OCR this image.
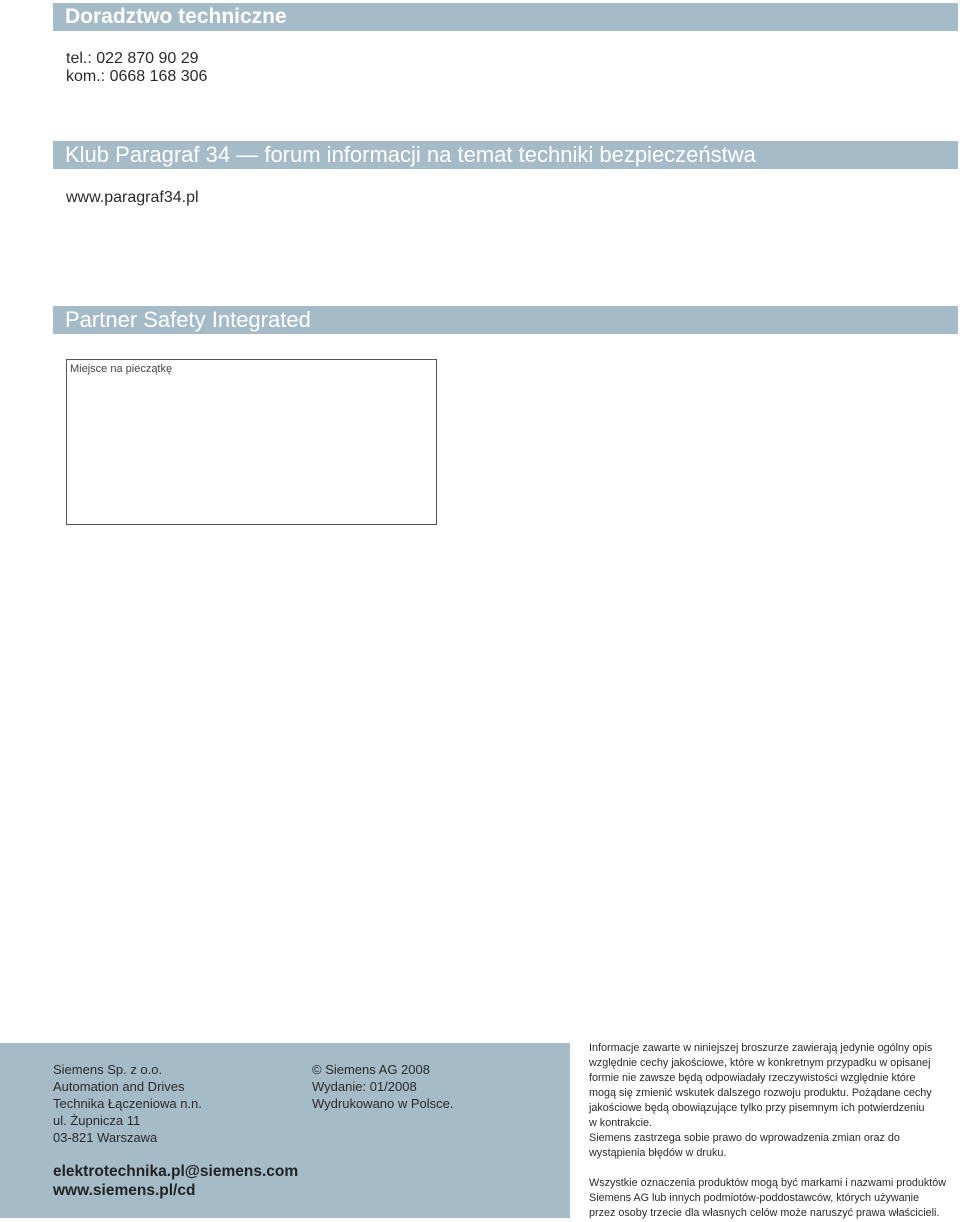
Doradztwo techniczne
tel.: 022 870 90 29
kom.: 0668 168 306
Klub Paragraf 34 — forum informacji na temat techniki bezpieczeństwa
www.paragraf34.pl
Partner Safety Integrated
Miejsce na pieczątkę
Siemens Sp. z o.o.
Automation and Drives
Technika Łączeniowa n.n.
ul. Żupnicza 11
03-821 Warszawa
© Siemens AG 2008
Wydanie: 01/2008
Wydrukowano w Polsce.
elektrotechnika.pl@siemens.com
www.siemens.pl/cd
Informacje zawarte w niniejszej broszurze zawierają jedynie ogólny opis
względnie cechy jakościowe, które w konkretnym przypadku w opisanej
formie nie zawsze będą odpowiadały rzeczywistości względnie które
mogą się zmienić wskutek dalszego rozwoju produktu. Pożądane cechy
jakościowe będą obowiązujące tylko przy pisemnym ich potwierdzeniu
w kontrakcie.
Siemens zastrzega sobie prawo do wprowadzenia zmian oraz do
wystąpienia błędów w druku.
Wszystkie oznaczenia produktów mogą być markami i nazwami produktów
Siemens AG lub innych podmiotów-poddostawców, których używanie
przez osoby trzecie dla własnych celów może naruszyć prawa właścicieli.
